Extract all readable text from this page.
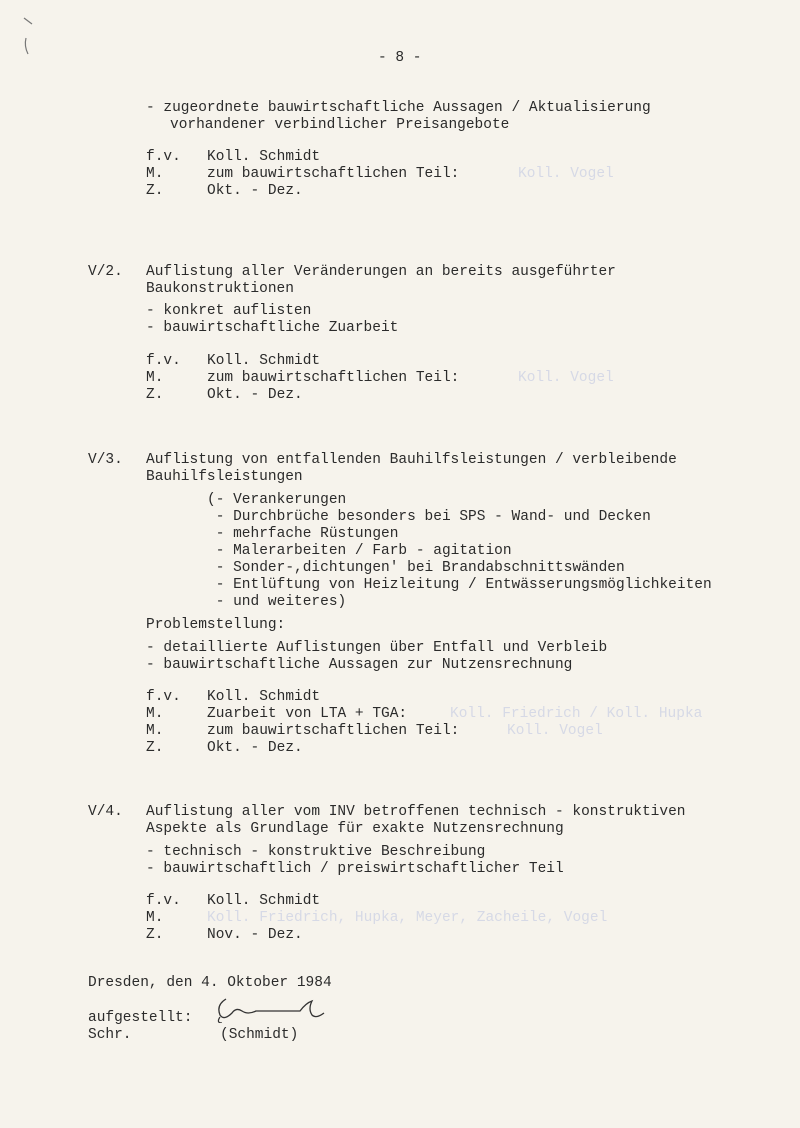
- 8 -
- zugeordnete bauwirtschaftliche Aussagen / Aktualisierung
vorhandener verbindlicher Preisangebote
f.v. Koll. Schmidt
M.	zum bauwirtschaftlichen Teil:	Koll. Vogel
Z.	Okt. - Dez.
V/2. Auflistung aller Veränderungen an bereits ausgeführter
Baukonstruktionen
- konkret auflisten
- bauwirtschaftliche Zuarbeit
f.v. Koll. Schmidt
M.	zum bauwirtschaftlichen Teil:	Koll. Vogel
Z.	Okt. - Dez.
V/3. Auflistung von entfallenden Bauhilfsleistungen / verbleibende
Bauhilfsleistungen
(- Verankerungen
- Durchbrüche besonders bei SPS - Wand- und Decken
- mehrfache Rüstungen
- Malerarbeiten / Farb - agitation
- Sonder-,dichtungen' bei Brandabschnittswänden
- Entlüftung von Heizleitung / Entwässerungsmöglichkeiten
- und weiteres)
Problemstellung:
- detaillierte Auflistungen über Entfall und Verbleib
- bauwirtschaftliche Aussagen zur Nutzensrechnung
f.v. Koll. Schmidt
M.	Zuarbeit von LTA + TGA:	Koll. Friedrich / Koll. Hupka
M.	zum bauwirtschaftlichen Teil:	Koll. Vogel
Z.	Okt. - Dez.
V/4. Auflistung aller vom INV betroffenen technisch - konstruktiven
Aspekte als Grundlage für exakte Nutzensrechnung
- technisch - konstruktive Beschreibung
- bauwirtschaftlich / preiswirtschaftlicher Teil
f.v. Koll. Schmidt
M.	Koll. Friedrich, Hupka, Meyer, Zacheile, Vogel
Z.	Nov. - Dez.
Dresden, den 4. Oktober 1984
aufgestellt:
Schr.	(Schmidt)
